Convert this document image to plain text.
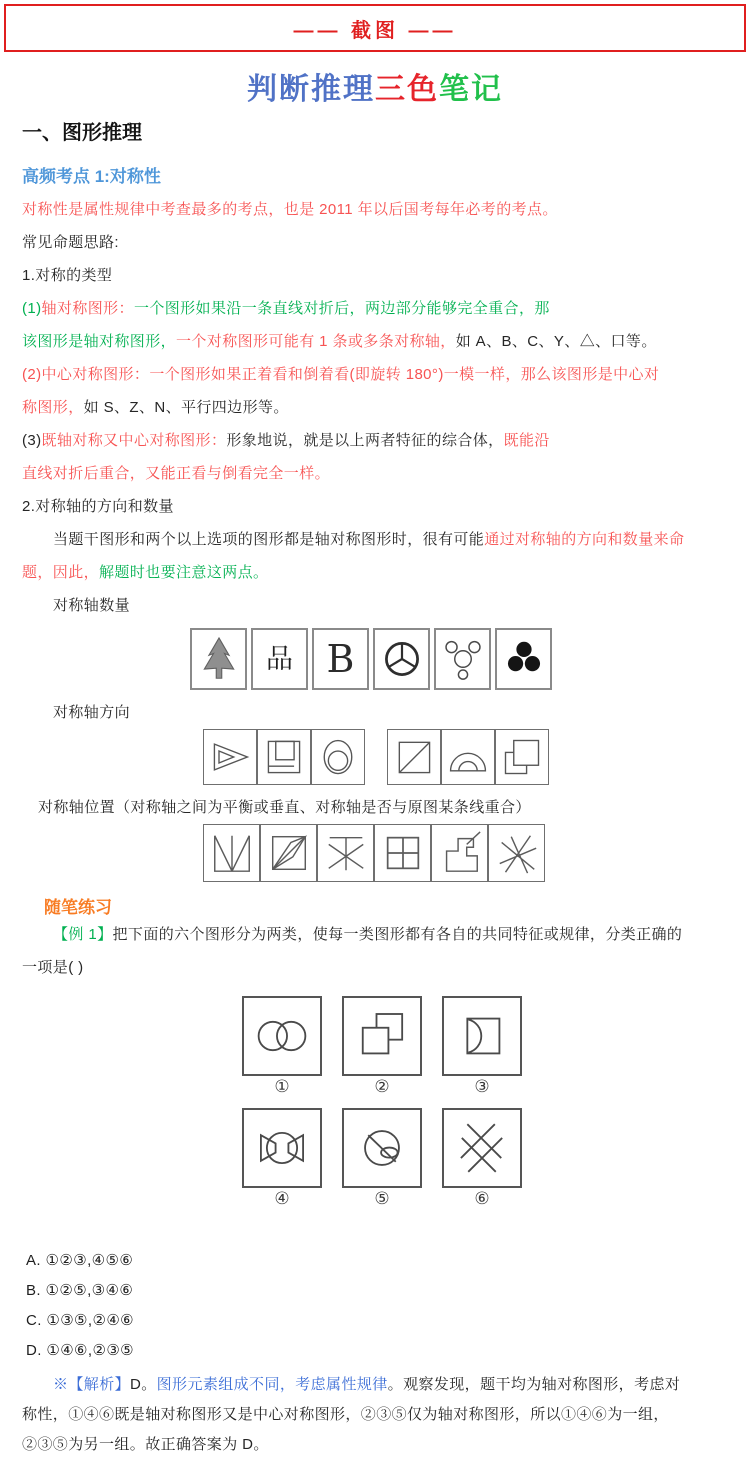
—— 截图 ——
判断推理三色笔记
一、图形推理
高频考点 1:对称性
对称性是属性规律中考查最多的考点，也是 2011 年以后国考每年必考的考点。
常见命题思路:
1.对称的类型
(1)轴对称图形：一个图形如果沿一条直线对折后，两边部分能够完全重合，那
该图形是轴对称图形，一个对称图形可能有 1 条或多条对称轴，如 A、B、C、Y、△、口等。
(2)中心对称图形：一个图形如果正着看和倒着看(即旋转 180°)一模一样，那么该图形是中心对
称图形，如 S、Z、N、平行四边形等。
(3)既轴对称又中心对称图形：形象地说，就是以上两者特征的综合体，既能沿
直线对折后重合，又能正看与倒看完全一样。
2.对称轴的方向和数量
当题干图形和两个以上选项的图形都是轴对称图形时，很有可能通过对称轴的方向和数量来命
题，因此，解题时也要注意这两点。
对称轴数量
品 B
对称轴方向
对称轴位置（对称轴之间为平衡或垂直、对称轴是否与原图某条线重合）
随笔练习
【例 1】把下面的六个图形分为两类，使每一类图形都有各自的共同特征或规律，分类正确的
一项是( )
①	②	③
④	⑤	⑥
A. ①②③,④⑤⑥
B. ①②⑤,③④⑥
C. ①③⑤,②④⑥
D. ①④⑥,②③⑤
※【解析】D。图形元素组成不同，考虑属性规律。观察发现，题干均为轴对称图形，考虑对
称性，①④⑥既是轴对称图形又是中心对称图形，②③⑤仅为轴对称图形，所以①④⑥为一组，
②③⑤为另一组。故正确答案为 D。
